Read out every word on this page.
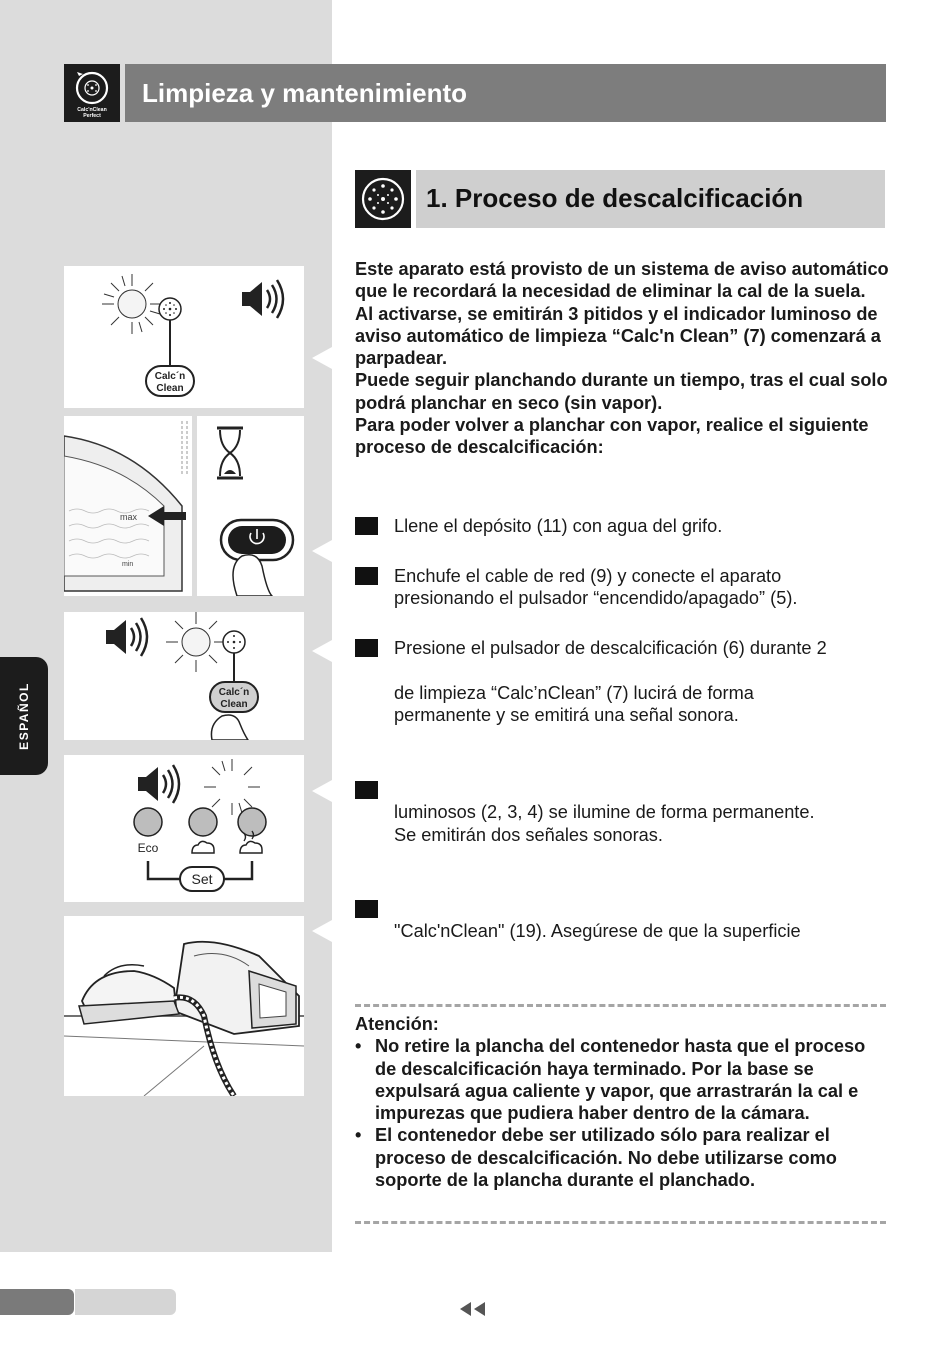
ESPAÑOL
Calc'nClean
Perfect
Limpieza y mantenimiento
1. Proceso de descalcificación
Calc´n
Clean
max
min
Calc´n
Clean
Eco
Set

Este aparato está provisto de un sistema de aviso automático que le recordará la necesidad de eliminar la cal de la suela.

Al activarse, se emitirán 3 pitidos y el indicador luminoso de aviso automático de limpieza “Calc'n Clean” (7) comenzará a parpadear.

Puede seguir planchando durante un tiempo, tras el cual solo podrá planchar en seco (sin vapor).

Para poder volver a planchar con vapor, realice el siguiente proceso de descalcificación:

Llene el depósito (11) con agua del grifo.
Enchufe el cable de red (9) y conecte el aparato
presionando el pulsador “encendido/apagado” (5).
Presione el pulsador de descalcificación (6) durante 2
de limpieza “Calc’nClean” (7) lucirá de forma
permanente y se emitirá una señal sonora.
luminosos (2, 3, 4) se ilumine de forma permanente.
Se emitirán dos señales sonoras.
"Calc'nClean" (19). Asegúrese de que la superficie
Atención:
• No retire la plancha del contenedor hasta que el proceso de descalcificación haya terminado. Por la base se expulsará agua caliente y vapor, que arrastrarán la cal e impurezas que pudiera haber dentro de la cámara.
• El contenedor debe ser utilizado sólo para realizar el proceso de descalcificación. No debe utilizarse como soporte de la plancha durante el planchado.
